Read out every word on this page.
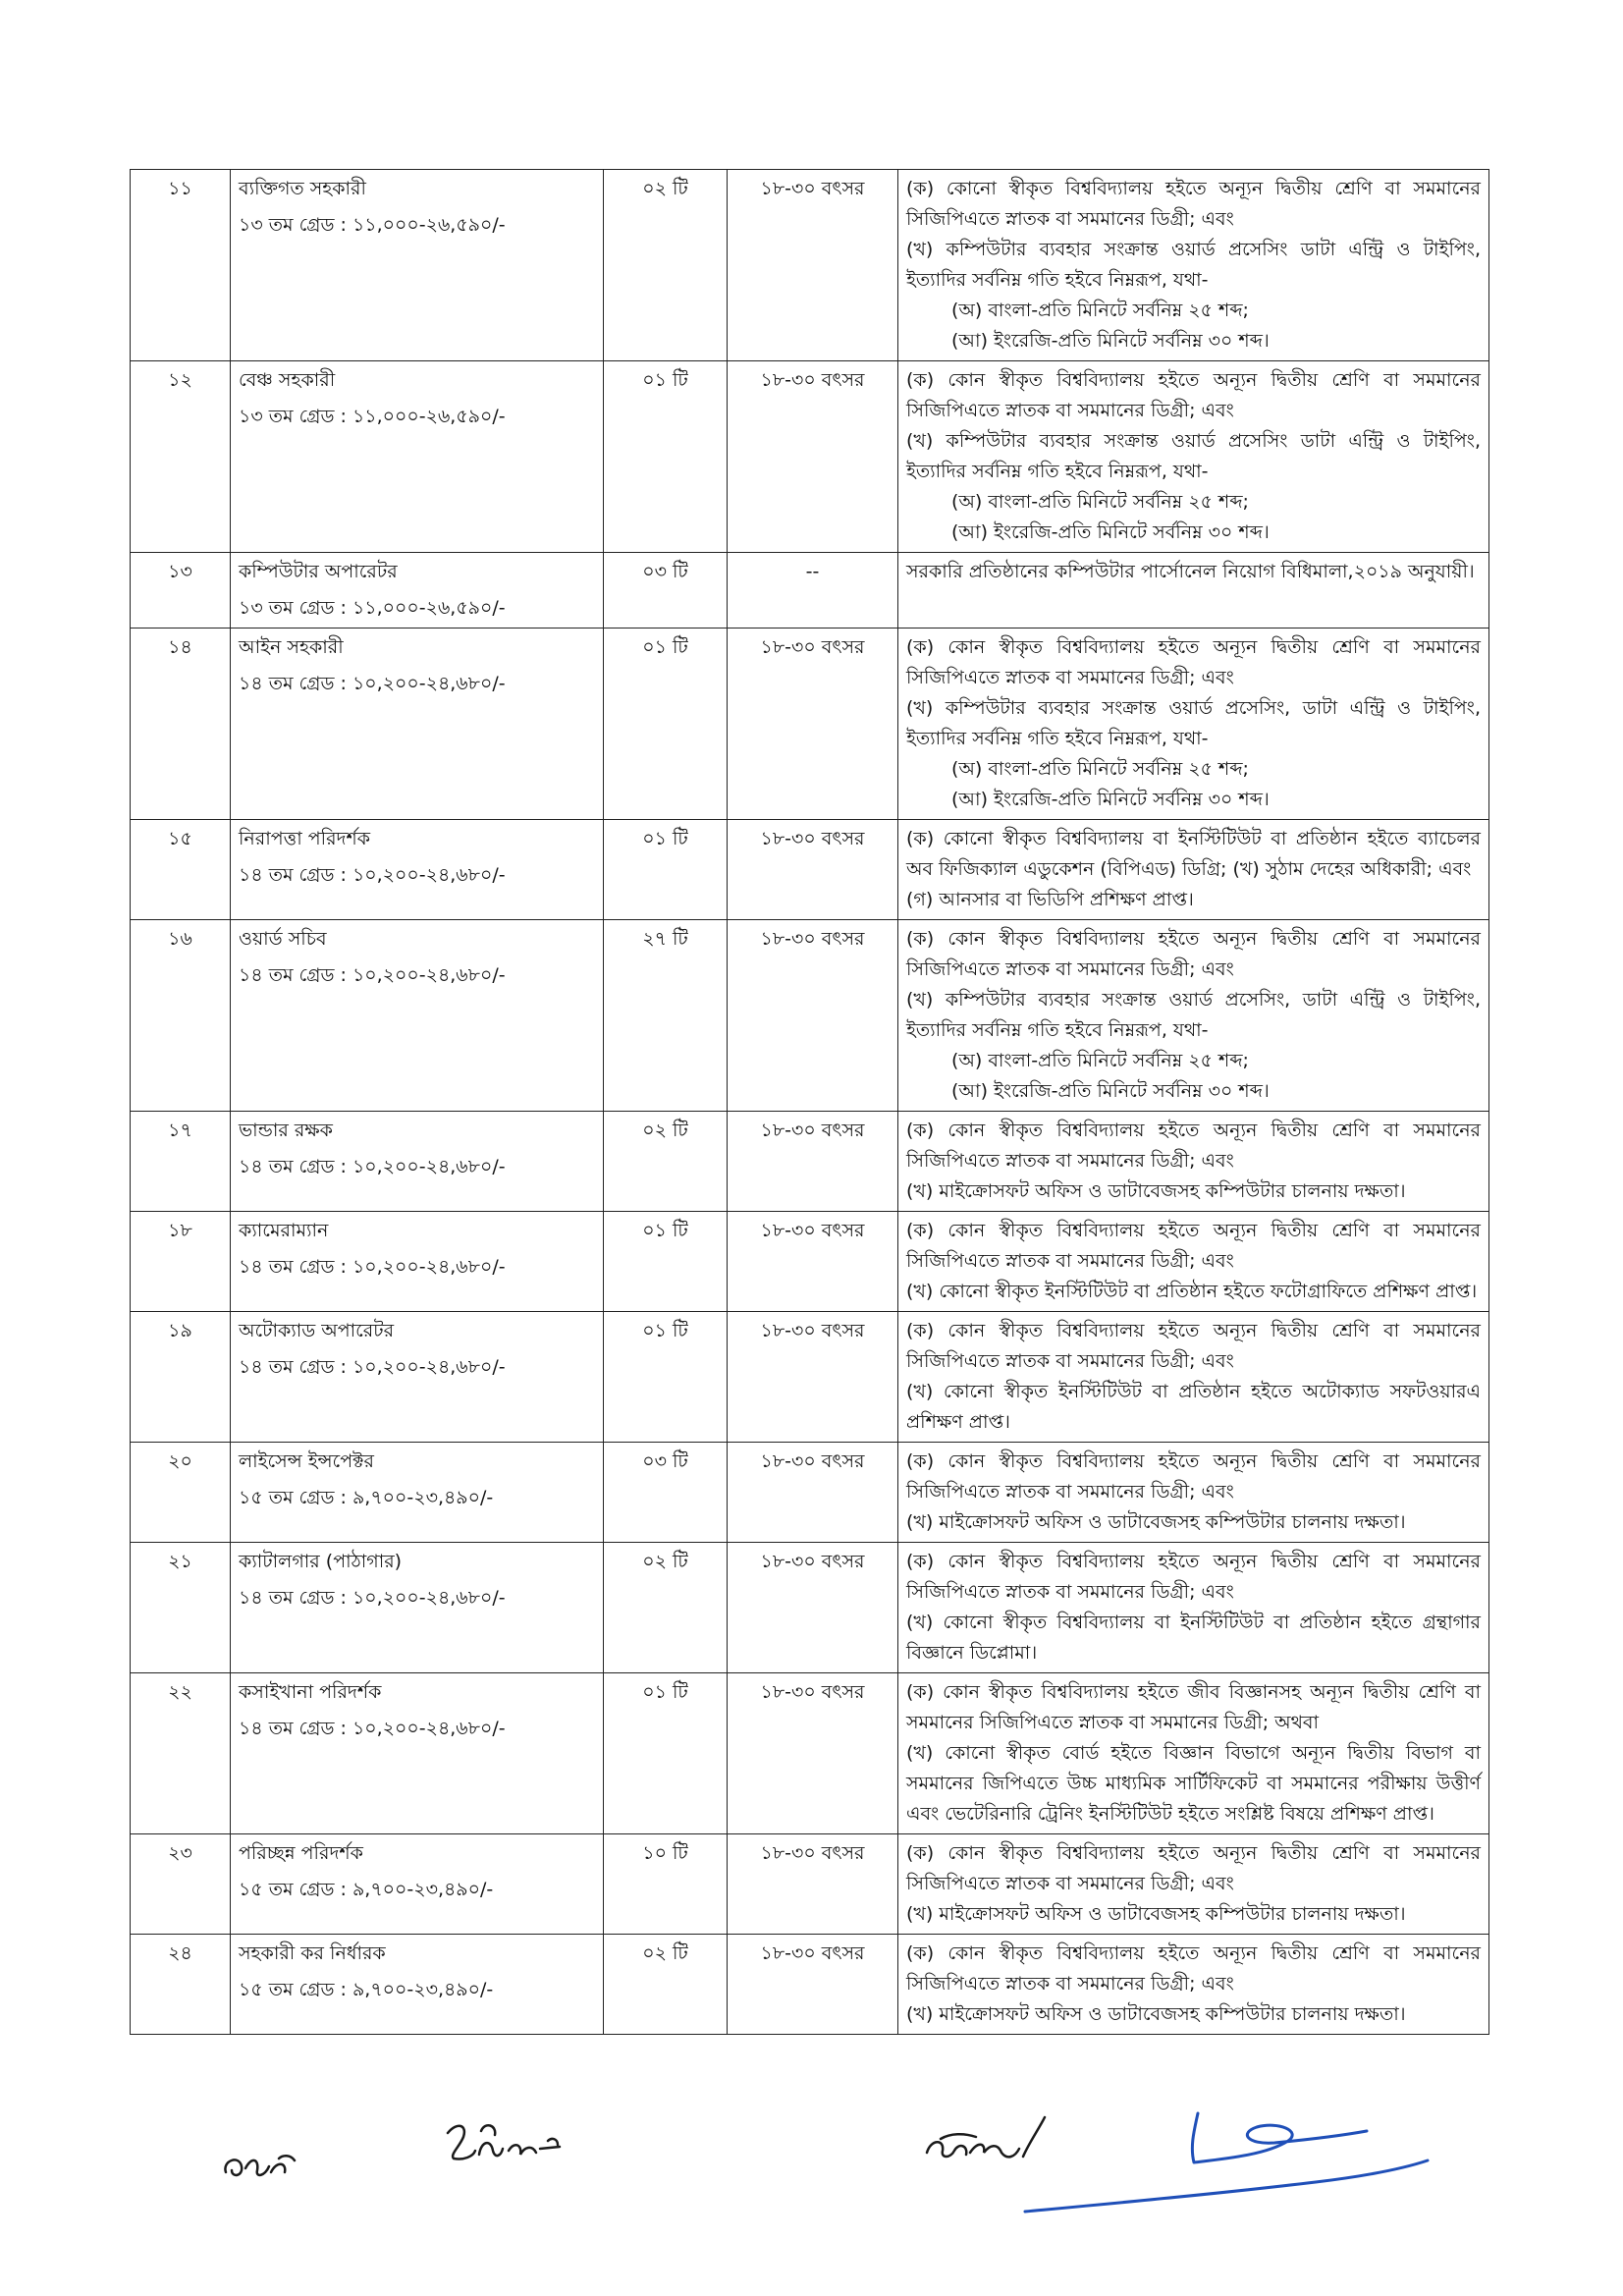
১১	ব্যক্তিগত সহকারী
১৩ তম গ্রেড : ১১,০০০-২৬,৫৯০/-	০২ টি	১৮-৩০ বৎসর	(ক) কোনো স্বীকৃত বিশ্ববিদ্যালয় হইতে অন্যূন দ্বিতীয় শ্রেণি বা সমমানের সিজিপিএতে স্নাতক বা সমমানের ডিগ্রী; এবং
(খ) কম্পিউটার ব্যবহার সংক্রান্ত ওয়ার্ড প্রসেসিং ডাটা এন্ট্রি ও টাইপিং, ইত্যাদির সর্বনিম্ন গতি হইবে নিম্নরূপ, যথা-
(অ) বাংলা-প্রতি মিনিটে সর্বনিম্ন ২৫ শব্দ;
(আ) ইংরেজি-প্রতি মিনিটে সর্বনিম্ন ৩০ শব্দ।

১২	বেঞ্চ সহকারী
১৩ তম গ্রেড : ১১,০০০-২৬,৫৯০/-	০১ টি	১৮-৩০ বৎসর	(ক) কোন স্বীকৃত বিশ্ববিদ্যালয় হইতে অন্যূন দ্বিতীয় শ্রেণি বা সমমানের সিজিপিএতে স্নাতক বা সমমানের ডিগ্রী; এবং
(খ) কম্পিউটার ব্যবহার সংক্রান্ত ওয়ার্ড প্রসেসিং ডাটা এন্ট্রি ও টাইপিং, ইত্যাদির সর্বনিম্ন গতি হইবে নিম্নরূপ, যথা-
(অ) বাংলা-প্রতি মিনিটে সর্বনিম্ন ২৫ শব্দ;
(আ) ইংরেজি-প্রতি মিনিটে সর্বনিম্ন ৩০ শব্দ।

১৩	কম্পিউটার অপারেটর
১৩ তম গ্রেড : ১১,০০০-২৬,৫৯০/-	০৩ টি	--	সরকারি প্রতিষ্ঠানের কম্পিউটার পার্সোনেল নিয়োগ বিধিমালা,২০১৯ অনুযায়ী।

১৪	আইন সহকারী
১৪ তম গ্রেড : ১০,২০০-২৪,৬৮০/-	০১ টি	১৮-৩০ বৎসর	(ক) কোন স্বীকৃত বিশ্ববিদ্যালয় হইতে অন্যূন দ্বিতীয় শ্রেণি বা সমমানের সিজিপিএতে স্নাতক বা সমমানের ডিগ্রী; এবং
(খ) কম্পিউটার ব্যবহার সংক্রান্ত ওয়ার্ড প্রসেসিং, ডাটা এন্ট্রি ও টাইপিং, ইত্যাদির সর্বনিম্ন গতি হইবে নিম্নরূপ, যথা-
(অ) বাংলা-প্রতি মিনিটে সর্বনিম্ন ২৫ শব্দ;
(আ) ইংরেজি-প্রতি মিনিটে সর্বনিম্ন ৩০ শব্দ।

১৫	নিরাপত্তা পরিদর্শক
১৪ তম গ্রেড : ১০,২০০-২৪,৬৮০/-	০১ টি	১৮-৩০ বৎসর	(ক) কোনো স্বীকৃত বিশ্ববিদ্যালয় বা ইনস্টিটিউট বা প্রতিষ্ঠান হইতে ব্যাচেলর অব ফিজিক্যাল এডুকেশন (বিপিএড) ডিগ্রি; (খ) সুঠাম দেহের অধিকারী; এবং
(গ) আনসার বা ভিডিপি প্রশিক্ষণ প্রাপ্ত।

১৬	ওয়ার্ড সচিব
১৪ তম গ্রেড : ১০,২০০-২৪,৬৮০/-	২৭ টি	১৮-৩০ বৎসর	(ক) কোন স্বীকৃত বিশ্ববিদ্যালয় হইতে অন্যূন দ্বিতীয় শ্রেণি বা সমমানের সিজিপিএতে স্নাতক বা সমমানের ডিগ্রী; এবং
(খ) কম্পিউটার ব্যবহার সংক্রান্ত ওয়ার্ড প্রসেসিং, ডাটা এন্ট্রি ও টাইপিং, ইত্যাদির সর্বনিম্ন গতি হইবে নিম্নরূপ, যথা-
(অ) বাংলা-প্রতি মিনিটে সর্বনিম্ন ২৫ শব্দ;
(আ) ইংরেজি-প্রতি মিনিটে সর্বনিম্ন ৩০ শব্দ।

১৭	ভান্ডার রক্ষক
১৪ তম গ্রেড : ১০,২০০-২৪,৬৮০/-	০২ টি	১৮-৩০ বৎসর	(ক) কোন স্বীকৃত বিশ্ববিদ্যালয় হইতে অন্যূন দ্বিতীয় শ্রেণি বা সমমানের সিজিপিএতে স্নাতক বা সমমানের ডিগ্রী; এবং
(খ) মাইক্রোসফট অফিস ও ডাটাবেজসহ কম্পিউটার চালনায় দক্ষতা।

১৮	ক্যামেরাম্যান
১৪ তম গ্রেড : ১০,২০০-২৪,৬৮০/-	০১ টি	১৮-৩০ বৎসর	(ক) কোন স্বীকৃত বিশ্ববিদ্যালয় হইতে অন্যূন দ্বিতীয় শ্রেণি বা সমমানের সিজিপিএতে স্নাতক বা সমমানের ডিগ্রী; এবং
(খ) কোনো স্বীকৃত ইনস্টিটিউট বা প্রতিষ্ঠান হইতে ফটোগ্রাফিতে প্রশিক্ষণ প্রাপ্ত।

১৯	অটোক্যাড অপারেটর
১৪ তম গ্রেড : ১০,২০০-২৪,৬৮০/-	০১ টি	১৮-৩০ বৎসর	(ক) কোন স্বীকৃত বিশ্ববিদ্যালয় হইতে অন্যূন দ্বিতীয় শ্রেণি বা সমমানের সিজিপিএতে স্নাতক বা সমমানের ডিগ্রী; এবং
(খ) কোনো স্বীকৃত ইনস্টিটিউট বা প্রতিষ্ঠান হইতে অটোক্যাড সফটওয়ারএ প্রশিক্ষণ প্রাপ্ত।

২০	লাইসেন্স ইন্সপেক্টর
১৫ তম গ্রেড : ৯,৭০০-২৩,৪৯০/-	০৩ টি	১৮-৩০ বৎসর	(ক) কোন স্বীকৃত বিশ্ববিদ্যালয় হইতে অন্যূন দ্বিতীয় শ্রেণি বা সমমানের সিজিপিএতে স্নাতক বা সমমানের ডিগ্রী; এবং
(খ) মাইক্রোসফট অফিস ও ডাটাবেজসহ কম্পিউটার চালনায় দক্ষতা।

২১	ক্যাটালগার (পাঠাগার)
১৪ তম গ্রেড : ১০,২০০-২৪,৬৮০/-	০২ টি	১৮-৩০ বৎসর	(ক) কোন স্বীকৃত বিশ্ববিদ্যালয় হইতে অন্যূন দ্বিতীয় শ্রেণি বা সমমানের সিজিপিএতে স্নাতক বা সমমানের ডিগ্রী; এবং
(খ) কোনো স্বীকৃত বিশ্ববিদ্যালয় বা ইনস্টিটিউট বা প্রতিষ্ঠান হইতে গ্রন্থাগার বিজ্ঞানে ডিপ্লোমা।

২২	কসাইখানা পরিদর্শক
১৪ তম গ্রেড : ১০,২০০-২৪,৬৮০/-	০১ টি	১৮-৩০ বৎসর	(ক) কোন স্বীকৃত বিশ্ববিদ্যালয় হইতে জীব বিজ্ঞানসহ অন্যূন দ্বিতীয় শ্রেণি বা সমমানের সিজিপিএতে স্নাতক বা সমমানের ডিগ্রী; অথবা
(খ) কোনো স্বীকৃত বোর্ড হইতে বিজ্ঞান বিভাগে অন্যূন দ্বিতীয় বিভাগ বা সমমানের জিপিএতে উচ্চ মাধ্যমিক সার্টিফিকেট বা সমমানের পরীক্ষায় উত্তীর্ণ এবং ভেটেরিনারি ট্রেনিং ইনস্টিটিউট হইতে সংশ্লিষ্ট বিষয়ে প্রশিক্ষণ প্রাপ্ত।

২৩	পরিচ্ছন্ন পরিদর্শক
১৫ তম গ্রেড : ৯,৭০০-২৩,৪৯০/-	১০ টি	১৮-৩০ বৎসর	(ক) কোন স্বীকৃত বিশ্ববিদ্যালয় হইতে অন্যূন দ্বিতীয় শ্রেণি বা সমমানের সিজিপিএতে স্নাতক বা সমমানের ডিগ্রী; এবং
(খ) মাইক্রোসফট অফিস ও ডাটাবেজসহ কম্পিউটার চালনায় দক্ষতা।

২৪	সহকারী কর নির্ধারক
১৫ তম গ্রেড : ৯,৭০০-২৩,৪৯০/-	০২ টি	১৮-৩০ বৎসর	(ক) কোন স্বীকৃত বিশ্ববিদ্যালয় হইতে অন্যূন দ্বিতীয় শ্রেণি বা সমমানের সিজিপিএতে স্নাতক বা সমমানের ডিগ্রী; এবং
(খ) মাইক্রোসফট অফিস ও ডাটাবেজসহ কম্পিউটার চালনায় দক্ষতা।
